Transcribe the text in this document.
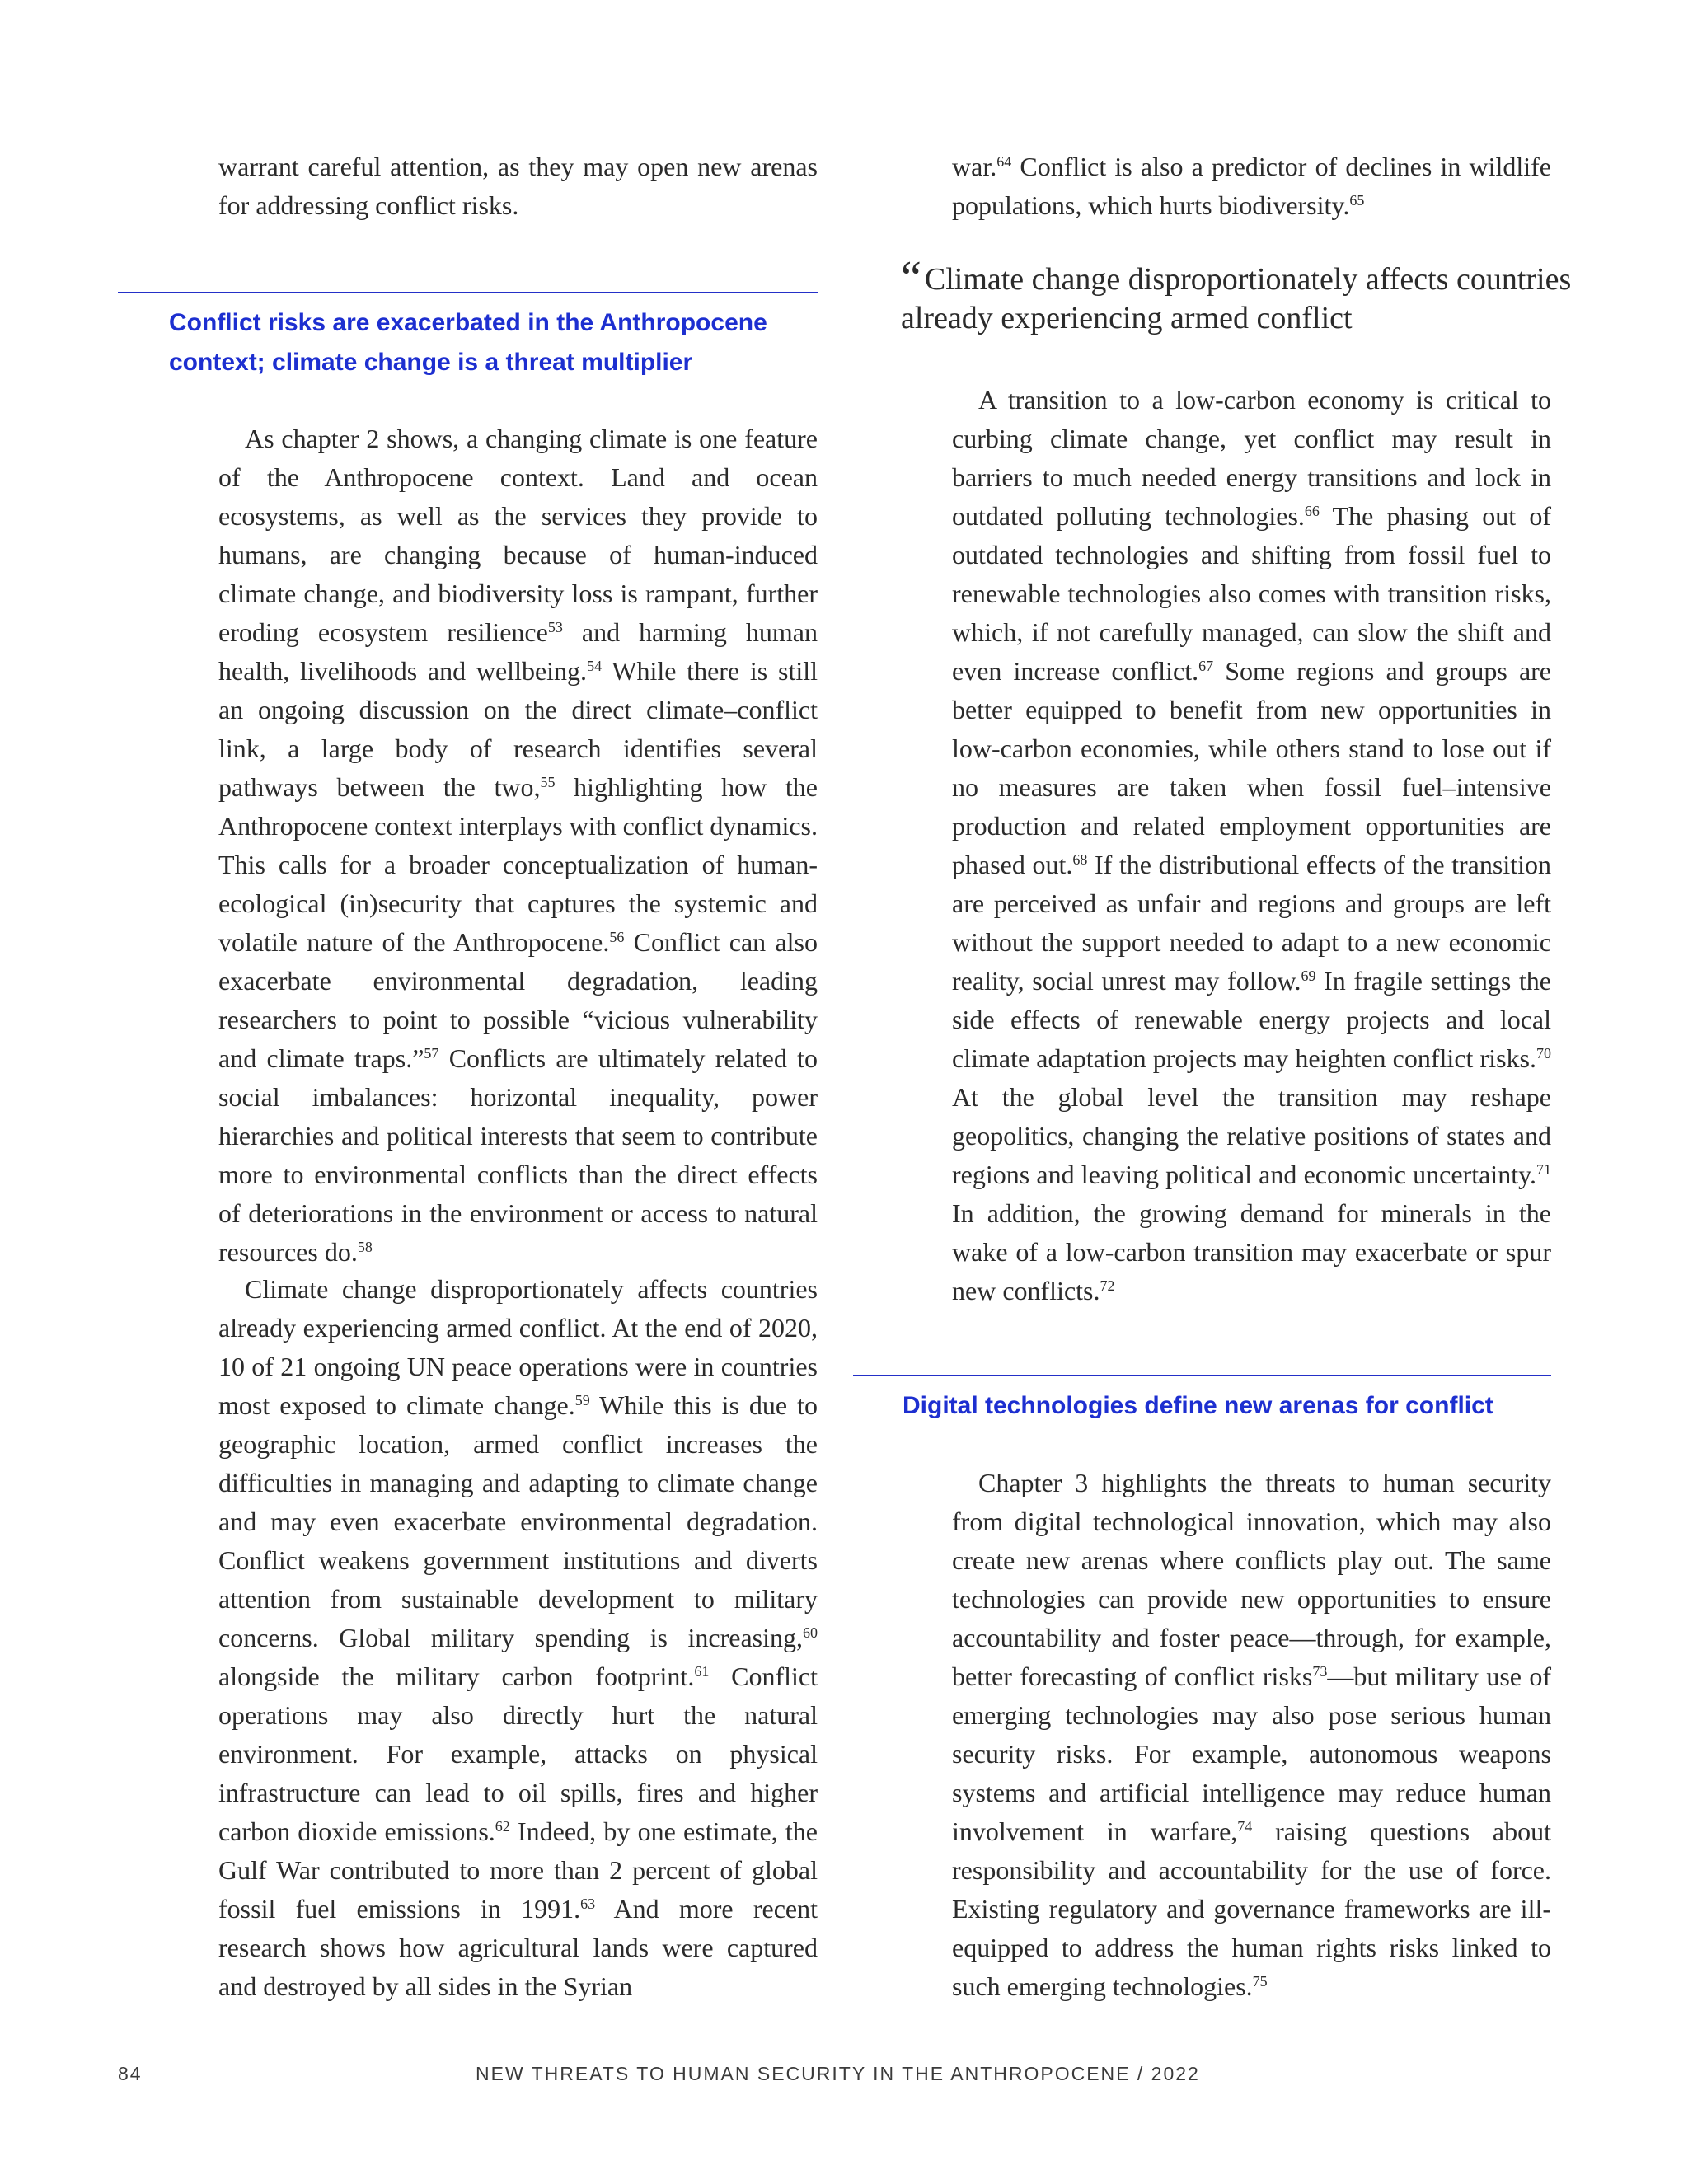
warrant careful attention, as they may open new arenas for addressing conflict risks.

Conflict risks are exacerbated in the Anthropocene context; climate change is a threat multiplier

As chapter 2 shows, a changing climate is one feature of the Anthropocene context. Land and ocean ecosystems, as well as the services they provide to humans, are changing because of human-induced climate change, and biodiversity loss is rampant, further eroding ecosystem resilience$^{53}$ and harming human health, livelihoods and wellbeing.$^{54}$ While there is still an ongoing discussion on the direct climate–conflict link, a large body of research identifies several pathways between the two,$^{55}$ highlighting how the Anthropocene context interplays with conflict dynamics. This calls for a broader conceptualization of human-ecological (in)security that captures the systemic and volatile nature of the Anthropocene.$^{56}$ Conflict can also exacerbate environmental degradation, leading researchers to point to possible “vicious vulnerability and climate traps.”$^{57}$ Conflicts are ultimately related to social imbalances: horizontal inequality, power hierarchies and political interests that seem to contribute more to environmental conflicts than the direct effects of deteriorations in the environment or access to natural resources do.$^{58}$

Climate change disproportionately affects countries already experiencing armed conflict. At the end of 2020, 10 of 21 ongoing UN peace operations were in countries most exposed to climate change.$^{59}$ While this is due to geographic location, armed conflict increases the difficulties in managing and adapting to climate change and may even exacerbate environmental degradation. Conflict weakens government institutions and diverts attention from sustainable development to military concerns. Global military spending is increasing,$^{60}$ alongside the military carbon footprint.$^{61}$ Conflict operations may also directly hurt the natural environment. For example, attacks on physical infrastructure can lead to oil spills, fires and higher carbon dioxide emissions.$^{62}$ Indeed, by one estimate, the Gulf War contributed to more than 2 percent of global fossil fuel emissions in 1991.63 And more recent research shows how agricultural lands were captured and destroyed by all sides in the Syrian

war.$^{64}$ Conflict is also a predictor of declines in wildlife populations, which hurts biodiversity.$^{65}$

“ Climate change disproportionately affects countries already experiencing armed conflict

A transition to a low-carbon economy is critical to curbing climate change, yet conflict may result in barriers to much needed energy transitions and lock in outdated polluting technologies.$^{66}$ The phasing out of outdated technologies and shifting from fossil fuel to renewable technologies also comes with transition risks, which, if not carefully managed, can slow the shift and even increase conflict.$^{67}$ Some regions and groups are better equipped to benefit from new opportunities in low-carbon economies, while others stand to lose out if no measures are taken when fossil fuel–intensive production and related employment opportunities are phased out.$^{68}$ If the distributional effects of the transition are perceived as unfair and regions and groups are left without the support needed to adapt to a new economic reality, social unrest may follow.$^{69}$ In fragile settings the side effects of renewable energy projects and local climate adaptation projects may heighten conflict risks.$^{70}$ At the global level the transition may reshape geopolitics, changing the relative positions of states and regions and leaving political and economic uncertainty.$^{71}$ In addition, the growing demand for minerals in the wake of a low-carbon transition may exacerbate or spur new conflicts.$^{72}$

Digital technologies define new arenas for conflict

Chapter 3 highlights the threats to human security from digital technological innovation, which may also create new arenas where conflicts play out. The same technologies can provide new opportunities to ensure accountability and foster peace—through, for example, better forecasting of conflict risks$^{73}$—but military use of emerging technologies may also pose serious human security risks. For example, autonomous weapons systems and artificial intelligence may reduce human involvement in warfare,$^{74}$ raising questions about responsibility and accountability for the use of force. Existing regulatory and governance frameworks are ill-equipped to address the human rights risks linked to such emerging technologies.$^{75}$

84	NEW THREATS TO HUMAN SECURITY IN THE ANTHROPOCENE / 2022
